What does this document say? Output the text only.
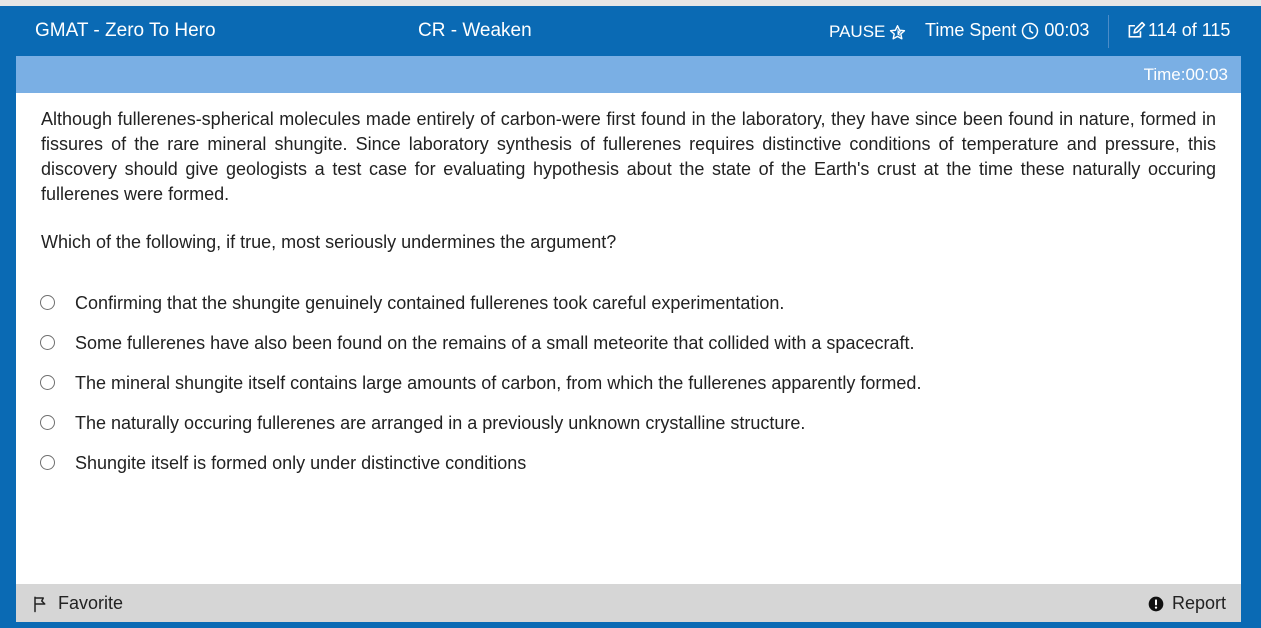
GMAT - Zero To Hero	CR - Weaken	PAUSE Time Spent 00:03	114 of 115
Time:00:03

Although fullerenes-spherical molecules made entirely of carbon-were first found in the laboratory, they have since been found in nature, formed in fissures of the rare mineral shungite. Since laboratory synthesis of fullerenes requires distinctive conditions of temperature and pressure, this discovery should give geologists a test case for evaluating hypothesis about the state of the Earth's crust at the time these naturally occuring fullerenes were formed.

Which of the following, if true, most seriously undermines the argument?

Confirming that the shungite genuinely contained fullerenes took careful experimentation.
Some fullerenes have also been found on the remains of a small meteorite that collided with a spacecraft.
The mineral shungite itself contains large amounts of carbon, from which the fullerenes apparently formed.
The naturally occuring fullerenes are arranged in a previously unknown crystalline structure.
Shungite itself is formed only under distinctive conditions
Favorite	Report
